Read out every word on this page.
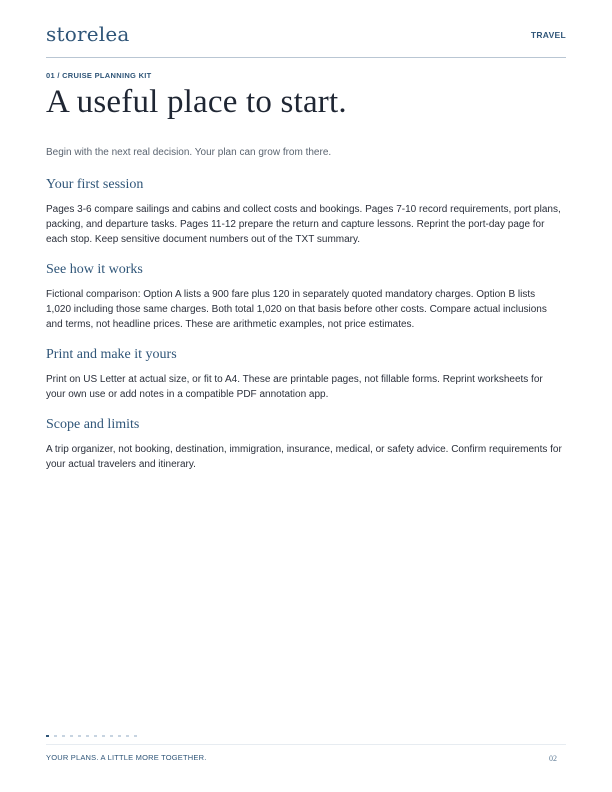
storelea	TRAVEL
01 / CRUISE PLANNING KIT
A useful place to start.

Begin with the next real decision. Your plan can grow from there.

Your first session

Pages 3-6 compare sailings and cabins and collect costs and bookings. Pages 7-10 record requirements, port plans, packing, and departure tasks. Pages 11-12 prepare the return and capture lessons. Reprint the port-day page for each stop. Keep sensitive document numbers out of the TXT summary.

See how it works

Fictional comparison: Option A lists a 900 fare plus 120 in separately quoted mandatory charges. Option B lists 1,020 including those same charges. Both total 1,020 on that basis before other costs. Compare actual inclusions and terms, not headline prices. These are arithmetic examples, not price estimates.

Print and make it yours

Print on US Letter at actual size, or fit to A4. These are printable pages, not fillable forms. Reprint worksheets for your own use or add notes in a compatible PDF annotation app.

Scope and limits

A trip organizer, not booking, destination, immigration, insurance, medical, or safety advice. Confirm requirements for your actual travelers and itinerary.

YOUR PLANS. A LITTLE MORE TOGETHER.	02
